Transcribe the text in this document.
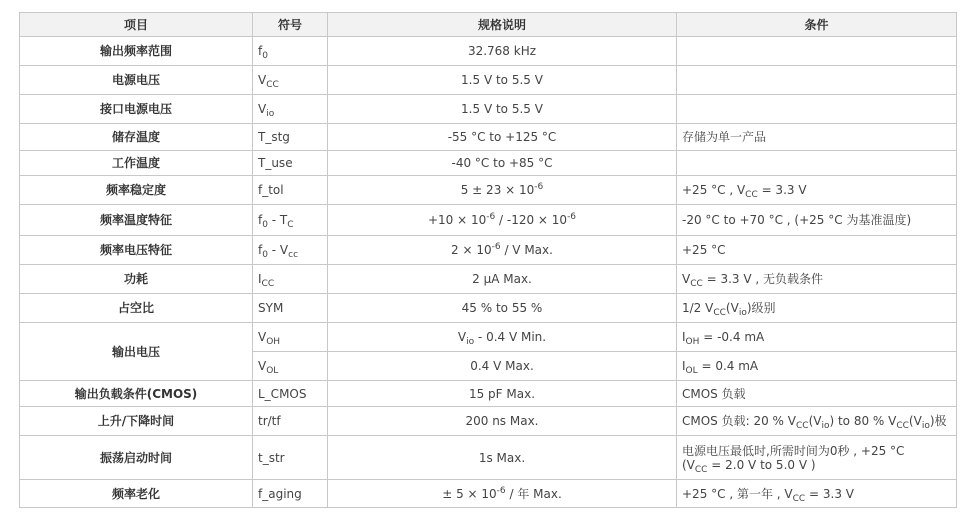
项目	符号	规格说明	条件
输出频率范围	$f_0$	32.768 kHz	
电源电压	$V_{CC}$	1.5 V to 5.5 V	
接口电源电压	$V_{io}$	1.5 V to 5.5 V	
储存温度	T_stg	-55 °C to +125 °C	存储为单一产品

工作温度	T_use	-40 °C to +85 °C	
频率稳定度	f_tol	$5 \pm 23 \times 10^{-6}$	+25 °C , $V_{CC} = 3.3$ V

频率温度特征	$f_0 - T_C$	$+10 \times 10^{-6} / -120 \times 10^{-6}$	-20 °C to +70 °C , (+25 °C 为基准温度)

频率电压特征	$f_0 - V_{cc}$	$2 \times 10^{-6} / V$ Max.	+25 °C

功耗	$I_{CC}$	2 µA Max.	$V_{CC} = 3.3$ V , 无负载条件

占空比	SYM	45 % to 55 %	1/2 $V_{CC}(V_{io})$级别

输出电压	$V_{OH}$	$V_{io} - 0.4$ V Min.	$I_{OH} = -0.4$ mA

	$V_{OL}$	0.4 V Max.	$I_{OL} = 0.4$ mA

输出负载条件(CMOS)	L_CMOS	15 pF Max.	CMOS 负载

上升/下降时间	tr/tf	200 ns Max.	CMOS 负载: 20 % $V_{CC}(V_{io})$ to 80 % $V_{CC}(V_{io})$极

振荡启动时间	t_str	1s Max.	电源电压最低时,所需时间为0秒 , +25 °C
($V_{CC} = 2.0$ V to 5.0 V )

频率老化	f_aging	± $5 \times 10^{-6}$ / 年 Max.	+25 °C , 第一年 , $V_{CC} = 3.3$ V
